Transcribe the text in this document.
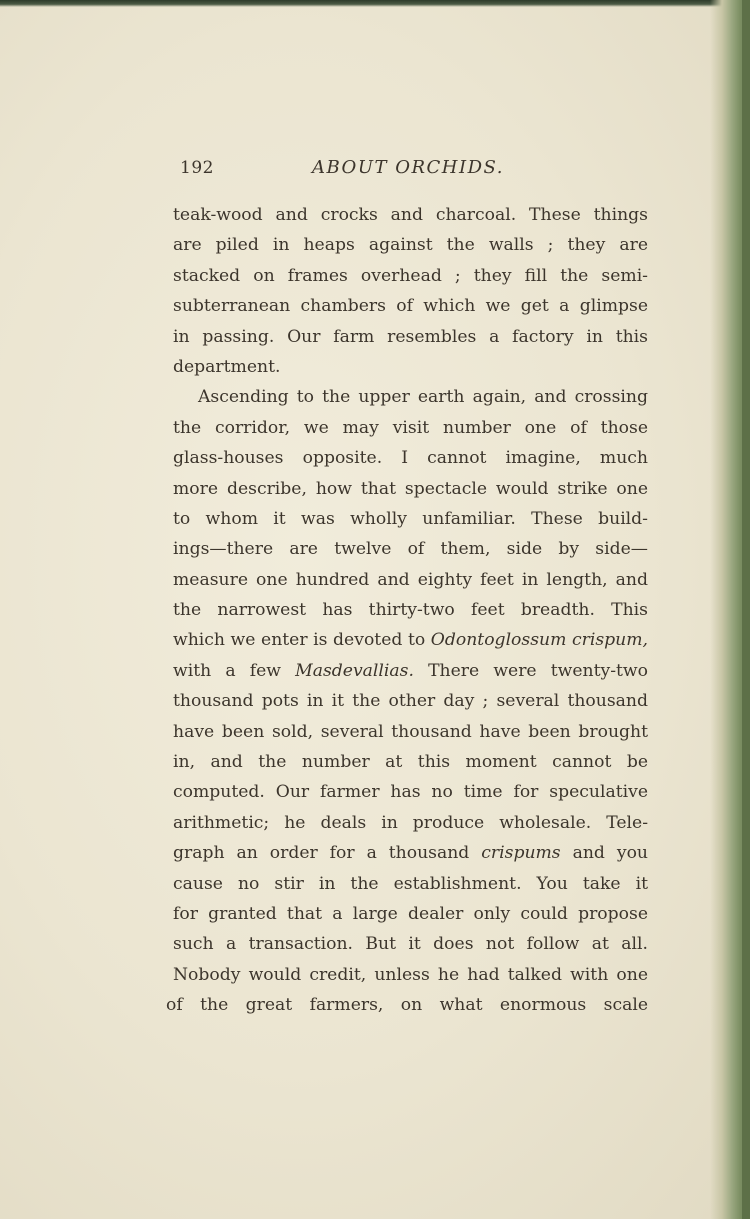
192	ABOUT ORCHIDS.
teak-wood and crocks and charcoal. These things
are piled in heaps against the walls ; they are
stacked on frames overhead ; they fill the semi-
subterranean chambers of which we get a glimpse
in passing. Our farm resembles a factory in this
department.
Ascending to the upper earth again, and crossing
the corridor, we may visit number one of those
glass-houses opposite. I cannot imagine, much
more describe, how that spectacle would strike one
to whom it was wholly unfamiliar. These build-
ings—there are twelve of them, side by side—
measure one hundred and eighty feet in length, and
the narrowest has thirty-two feet breadth. This
which we enter is devoted to Odontoglossum crispum,
with a few Masdevallias. There were twenty-two
thousand pots in it the other day ; several thousand
have been sold, several thousand have been brought
in, and the number at this moment cannot be
computed. Our farmer has no time for speculative
arithmetic; he deals in produce wholesale. Tele-
graph an order for a thousand crispums and you
cause no stir in the establishment. You take it
for granted that a large dealer only could propose
such a transaction. But it does not follow at all.
Nobody would credit, unless he had talked with one
of the great farmers, on what enormous scale
